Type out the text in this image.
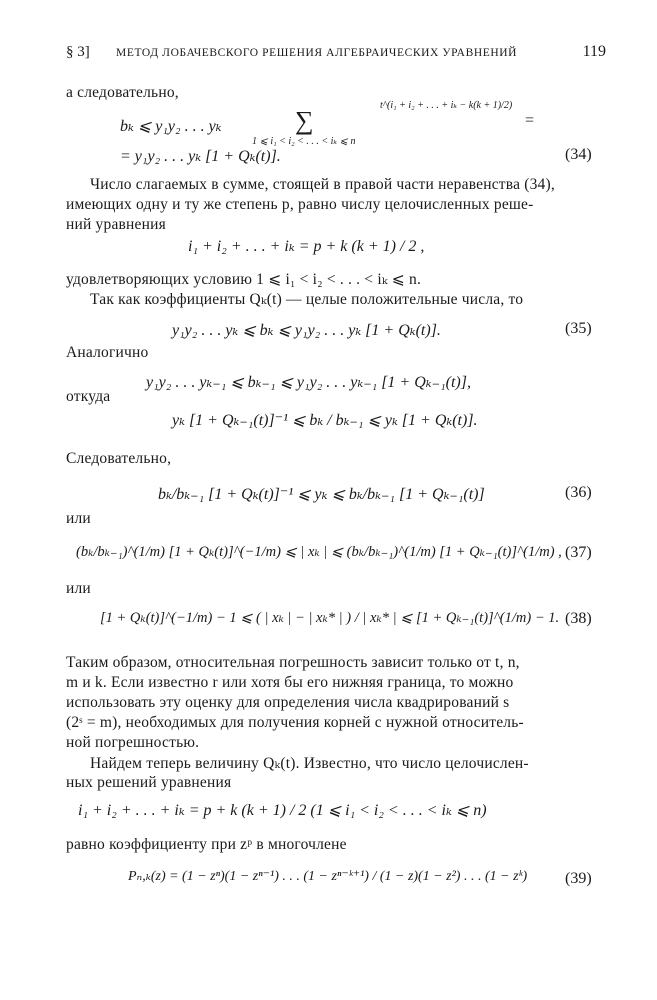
§ 3] МЕТОД ЛОБАЧЕВСКОГО РЕШЕНИЯ АЛГЕБРАИЧЕСКИХ УРАВНЕНИЙ	119
а следовательно,
bₖ ⩽ y₁y₂ . . . yₖ	∑
1 ⩽ i₁ < i₂ < . . . < iₖ ⩽ n
t^(i₁ + i₂ + . . . + iₖ − k(k + 1)/2)
=
= y₁y₂ . . . yₖ [1 + Qₖ(t)].	(34)
Число слагаемых в сумме, стоящей в правой части неравенства (34),
имеющих одну и ту же степень p, равно числу целочисленных реше-
ний уравнения
i₁ + i₂ + . . . + iₖ = p + k (k + 1) / 2 ,
удовлетворяющих условию 1 ⩽ i₁ < i₂ < . . . < iₖ ⩽ n.
Так как коэффициенты Qₖ(t) — целые положительные числа, то
y₁y₂ . . . yₖ ⩽ bₖ ⩽ y₁y₂ . . . yₖ [1 + Qₖ(t)].	(35)
Аналогично
y₁y₂ . . . yₖ₋₁ ⩽ bₖ₋₁ ⩽ y₁y₂ . . . yₖ₋₁ [1 + Qₖ₋₁(t)],
откуда
yₖ [1 + Qₖ₋₁(t)]⁻¹ ⩽ bₖ / bₖ₋₁ ⩽ yₖ [1 + Qₖ(t)].
Следовательно,
bₖ/bₖ₋₁ [1 + Qₖ(t)]⁻¹ ⩽ yₖ ⩽ bₖ/bₖ₋₁ [1 + Qₖ₋₁(t)]	(36)
или
(bₖ/bₖ₋₁)^(1/m) [1 + Qₖ(t)]^(−1/m) ⩽ | xₖ | ⩽ (bₖ/bₖ₋₁)^(1/m) [1 + Qₖ₋₁(t)]^(1/m) , (37)
или
[1 + Qₖ(t)]^(−1/m) − 1 ⩽ ( | xₖ | − | xₖ* | ) / | xₖ* | ⩽ [1 + Qₖ₋₁(t)]^(1/m) − 1. (38)
Таким образом, относительная погрешность зависит только от t, n,
m и k. Если известно r или хотя бы его нижняя граница, то можно
использовать эту оценку для определения числа квадрирований s
(2ˢ = m), необходимых для получения корней с нужной относитель-
ной погрешностью.
Найдем теперь величину Qₖ(t). Известно, что число целочислен-
ных решений уравнения
i₁ + i₂ + . . . + iₖ = p + k (k + 1) / 2 (1 ⩽ i₁ < i₂ < . . . < iₖ ⩽ n)
равно коэффициенту при zᵖ в многочлене
Pₙ,ₖ(z) = (1 − zⁿ)(1 − zⁿ⁻¹) . . . (1 − zⁿ⁻ᵏ⁺¹) / (1 − z)(1 − z²) . . . (1 − zᵏ) (39)
